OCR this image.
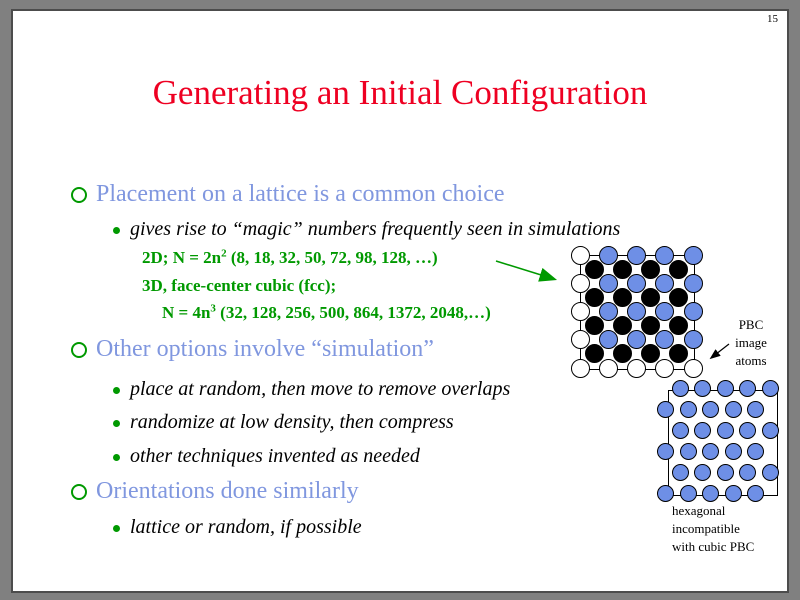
15
Generating an Initial Configuration
Placement on a lattice is a common choice
gives rise to “magic” numbers frequently seen in simulations
2D; $N = 2n^2$ (8, 18, 32, 50, 72, 98, 128, …)
3D, face-center cubic (fcc);
$N = 4n^3$ (32, 128, 256, 500, 864, 1372, 2048,…)
Other options involve “simulation”
place at random, then move to remove overlaps
randomize at low density, then compress
other techniques invented as needed
Orientations done similarly
lattice or random, if possible
PBC
image
atoms
hexagonal
incompatible
with cubic PBC
